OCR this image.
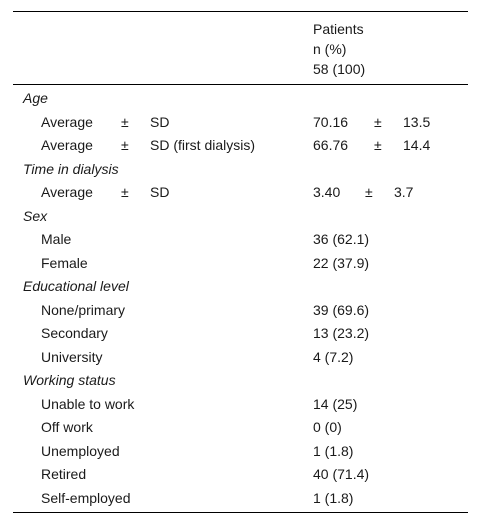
Patients
n (%)
58 (100)
Age
Average ± SD	70.16 ± 13.5
Average ± SD (first dialysis)	66.76 ± 14.4
Time in dialysis
Average ± SD	3.40 ± 3.7
Sex
Male	36 (62.1)
Female	22 (37.9)
Educational level
None/primary	39 (69.6)
Secondary	13 (23.2)
University	4 (7.2)
Working status
Unable to work	14 (25)
Off work	0 (0)
Unemployed	1 (1.8)
Retired	40 (71.4)
Self-employed	1 (1.8)
